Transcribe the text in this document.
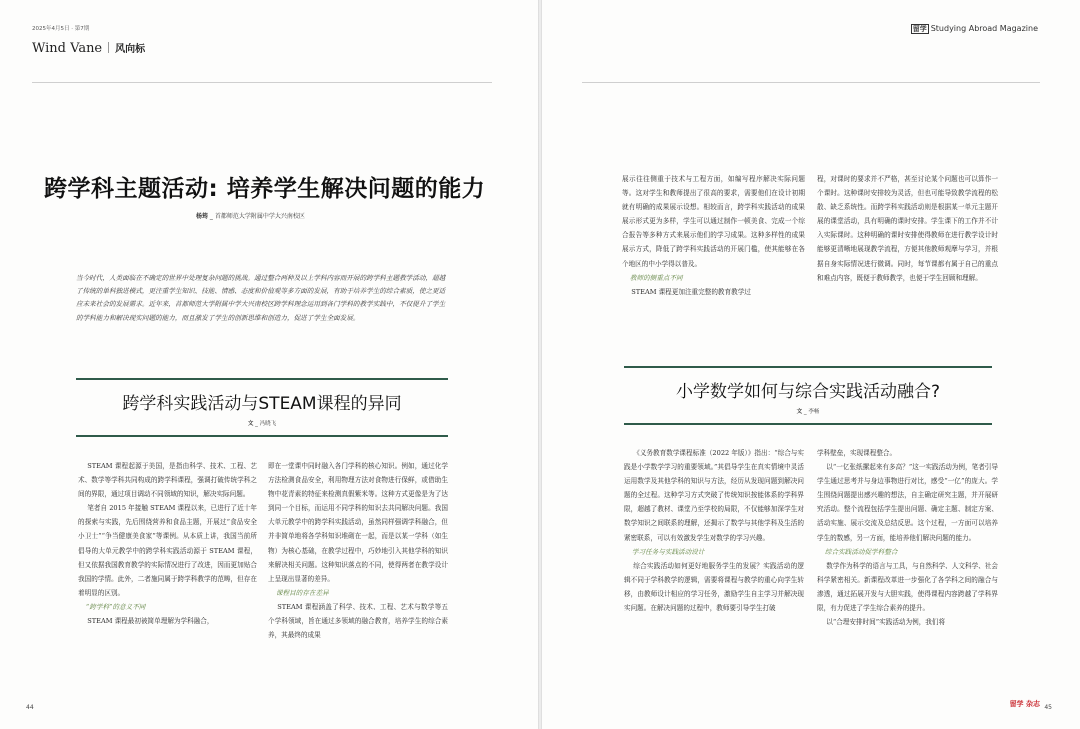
2025年4月5日 · 第7期
Wind Vane 风向标
跨学科主题活动: 培养学生解决问题的能力
杨筠 _ 首都师范大学附属中学大兴南校区
当今时代，人类面临在不确定的世界中处理复杂问题的挑战。通过整合两种及以上学科内容而开展的跨学科主题教学活动，超越了传统的单科独进模式，更注重学生知识、技能、情感、态度和价值观等多方面的发展，有助于培养学生的综合素质，使之更适应未来社会的发展需求。近年来，首都师范大学附属中学大兴南校区跨学科理念运用到各门学科的教学实践中，不仅提升了学生的学科能力和解决现实问题的能力，而且激发了学生的创新思维和创造力，促进了学生全面发展。
跨学科实践活动与STEAM课程的异同
文 _ 冯晓飞

STEAM 课程起源于美国，是指由科学、技术、工程、艺术、数学等学科共同构成的跨学科课程，强调打破传统学科之间的界限，通过项目调动不同领域的知识，解决实际问题。

笔者自 2015 年接触 STEAM 课程以来，已进行了近十年的探索与实践，先后围绕营养和食品主题，开展过“食品安全小卫士”“争当健康美食家”等课例。从本质上讲，我国当前所倡导的大单元教学中的跨学科实践活动源于 STEAM 课程，但又依据我国教育教学的实际情况进行了改进，因而更加贴合我国的学情。此外，二者施同属于跨学科教学的范畴，但存在着明显的区别。

“跨学科”的意义不同

STEAM 课程最初被简单理解为学科融合，

即在一堂课中同时融入各门学科的核心知识。例如，通过化学方法检测食品安全，利用物理方法对食物进行保鲜，或借助生物中花青素的特征来检测真假紫米等。这种方式更像是为了达到同一个目标，而运用不同学科的知识去共同解决问题。我国大单元教学中的跨学科实践活动，虽然同样强调学科融合，但并非简单地将各学科知识堆砌在一起，而是以某一学科（如生物）为核心基础，在教学过程中，巧妙地引入其他学科的知识来解决相关问题。这种知识落点的不同，使得两者在教学设计上呈现出显著的差异。

课程目的存在差异

STEAM 课程涵盖了科学、技术、工程、艺术与数学等五个学科领域，旨在通过多领域的融合教育，培养学生的综合素养，其最终的成果

44
留学 Studying Abroad Magazine

展示往往侧重于技术与工程方面，如编写程序解决实际问题等。这对学生和教师提出了很高的要求，需要他们在设计初期就有明确的成果展示设想。相较而言，跨学科实践活动的成果展示形式更为多样，学生可以通过制作一顿美食、完成一个综合报告等多种方式来展示他们的学习成果。这种多样性的成果展示方式，降低了跨学科实践活动的开展门槛，使其能够在各个地区的中小学得以普及。

教师的侧重点不同

STEAM 课程更加注重完整的教育教学过

程，对课时的要求并不严格，甚至讨论某个问题也可以算作一个课时。这种课时安排较为灵活，但也可能导致教学流程的松散、缺乏系统性。而跨学科实践活动则是根据某一单元主题开展的课堂活动，具有明确的课时安排。学生课下的工作并不计入实际课时。这种明确的课时安排使得教师在进行教学设计时能够更清晰地展现教学流程，方便其他教师观摩与学习，并根据自身实际情况进行微调。同时，每节课都有属于自己的重点和难点内容，既便于教师教学，也便于学生回顾和理解。

小学数学如何与综合实践活动融合?
文 _ 李畅

《义务教育数学课程标准（2022 年版）》指出：“综合与实践是小学数学学习的重要领域。”其倡导学生在真实情境中灵活运用数学及其他学科的知识与方法，经历从发现问题到解决问题的全过程。这种学习方式突破了传统知识按能体系的学科界限，超越了教材、课堂乃至学校的局限，不仅能够加深学生对数学知识之间联系的理解，还揭示了数学与其他学科及生活的紧密联系，可以有效激发学生对数学的学习兴趣。

学习任务与实践活动设计

综合实践活动如何更好地服务学生的发展？实践活动的逻辑不同于学科教学的逻辑，需要将课程与教学的重心向学生转移，由教师设计相应的学习任务，激励学生自主学习并解决现实问题。在解决问题的过程中，教师要引导学生打破

学科壁垒，实现课程整合。

以“一亿张纸摞起来有多高？”这一实践活动为例，笔者引导学生通过思考并与身边事物进行对比，感受“一亿”的庞大。学生围绕问题提出感兴趣的想法，自主确定研究主题，并开展研究活动。整个流程包括学生提出问题、确定主题、制定方案、活动实施、展示交流及总结反思。这个过程，一方面可以培养学生的数感，另一方面，能培养他们解决问题的能力。

综合实践活动促学科整合

数学作为科学的语言与工具，与自然科学、人文科学、社会科学紧密相关。新课程改革进一步强化了各学科之间的融合与渗透，通过拓展开发与大胆实践，使得课程内容跨越了学科界限，有力促进了学生综合素养的提升。

以“合理安排时间”实践活动为例，我们将

留学 杂志 45
